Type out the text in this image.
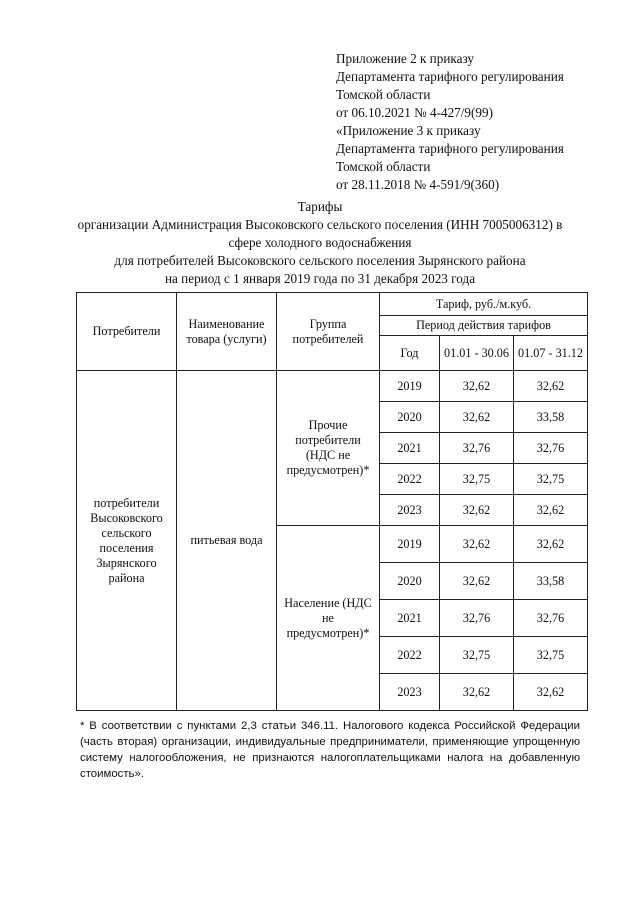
Приложение 2 к приказу
Департамента тарифного регулирования
Томской области
от 06.10.2021 № 4-427/9(99)
«Приложение 3 к приказу
Департамента тарифного регулирования
Томской области
от 28.11.2018 № 4-591/9(360)
Тарифы
организации Администрация Высоковского сельского поселения (ИНН 7005006312) в
сфере холодного водоснабжения
для потребителей Высоковского сельского поселения Зырянского района
на период с 1 января 2019 года по 31 декабря 2023 года
Потребители	Наименование товара (услуги)	Группа потребителей	Тариф, руб./м.куб.		
			Период действия тарифов		
			Год	01.01 - 30.06	01.07 - 31.12
потребители Высоковского сельского поселения Зырянского района	питьевая вода	Прочие потребители (НДС не предусмотрен)*	2019	32,62	32,62
			2020	32,62	33,58
			2021	32,76	32,76
			2022	32,75	32,75
			2023	32,62	32,62
		Население (НДС не предусмотрен)*	2019	32,62	32,62
			2020	32,62	33,58
			2021	32,76	32,76
			2022	32,75	32,75
			2023	32,62	32,62
* В соответствии с пунктами 2,3 статьи 346.11. Налогового кодекса Российской Федерации (часть вторая) организации, индивидуальные предприниматели, применяющие упрощенную систему налогообложения, не признаются налогоплательщиками налога на добавленную стоимость».
